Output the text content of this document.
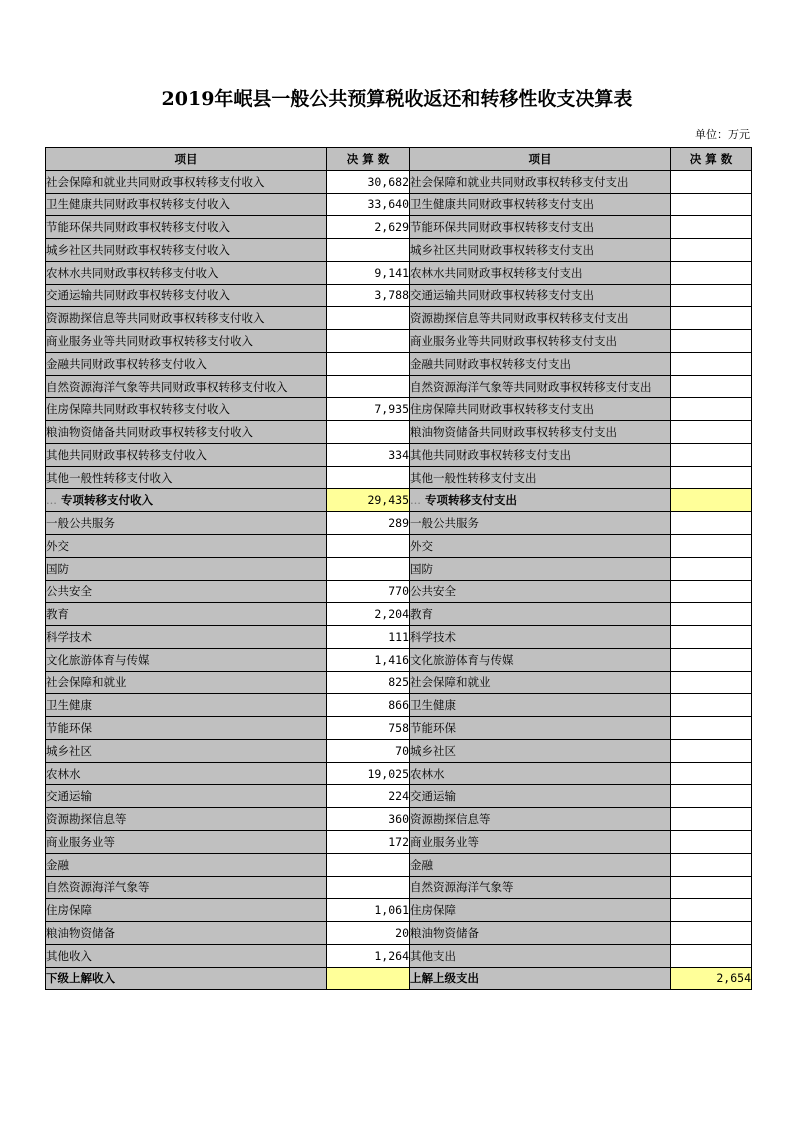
2019年岷县一般公共预算税收返还和转移性收支决算表
单位：万元
项目	决 算 数	项目	决 算 数
社会保障和就业共同财政事权转移支付收入	30,682	社会保障和就业共同财政事权转移支付支出	
卫生健康共同财政事权转移支付收入	33,640	卫生健康共同财政事权转移支付支出	
节能环保共同财政事权转移支付收入	2,629	节能环保共同财政事权转移支付支出	
城乡社区共同财政事权转移支付收入		城乡社区共同财政事权转移支付支出	
农林水共同财政事权转移支付收入	9,141	农林水共同财政事权转移支付支出	
交通运输共同财政事权转移支付收入	3,788	交通运输共同财政事权转移支付支出	
资源勘探信息等共同财政事权转移支付收入		资源勘探信息等共同财政事权转移支付支出	
商业服务业等共同财政事权转移支付收入		商业服务业等共同财政事权转移支付支出	
金融共同财政事权转移支付收入		金融共同财政事权转移支付支出	
自然资源海洋气象等共同财政事权转移支付收入		自然资源海洋气象等共同财政事权转移支付支出	
住房保障共同财政事权转移支付收入	7,935	住房保障共同财政事权转移支付支出	
粮油物资储备共同财政事权转移支付收入		粮油物资储备共同财政事权转移支付支出	
其他共同财政事权转移支付收入	334	其他共同财政事权转移支付支出	
其他一般性转移支付收入		其他一般性转移支付支出	
... 专项转移支付收入	29,435	... 专项转移支付支出	
一般公共服务	289	一般公共服务	
外交		外交	
国防		国防	
公共安全	770	公共安全	
教育	2,204	教育	
科学技术	111	科学技术	
文化旅游体育与传媒	1,416	文化旅游体育与传媒	
社会保障和就业	825	社会保障和就业	
卫生健康	866	卫生健康	
节能环保	758	节能环保	
城乡社区	70	城乡社区	
农林水	19,025	农林水	
交通运输	224	交通运输	
资源勘探信息等	360	资源勘探信息等	
商业服务业等	172	商业服务业等	
金融		金融	
自然资源海洋气象等		自然资源海洋气象等	
住房保障	1,061	住房保障	
粮油物资储备	20	粮油物资储备	
其他收入	1,264	其他支出	
下级上解收入		上解上级支出	2,654
